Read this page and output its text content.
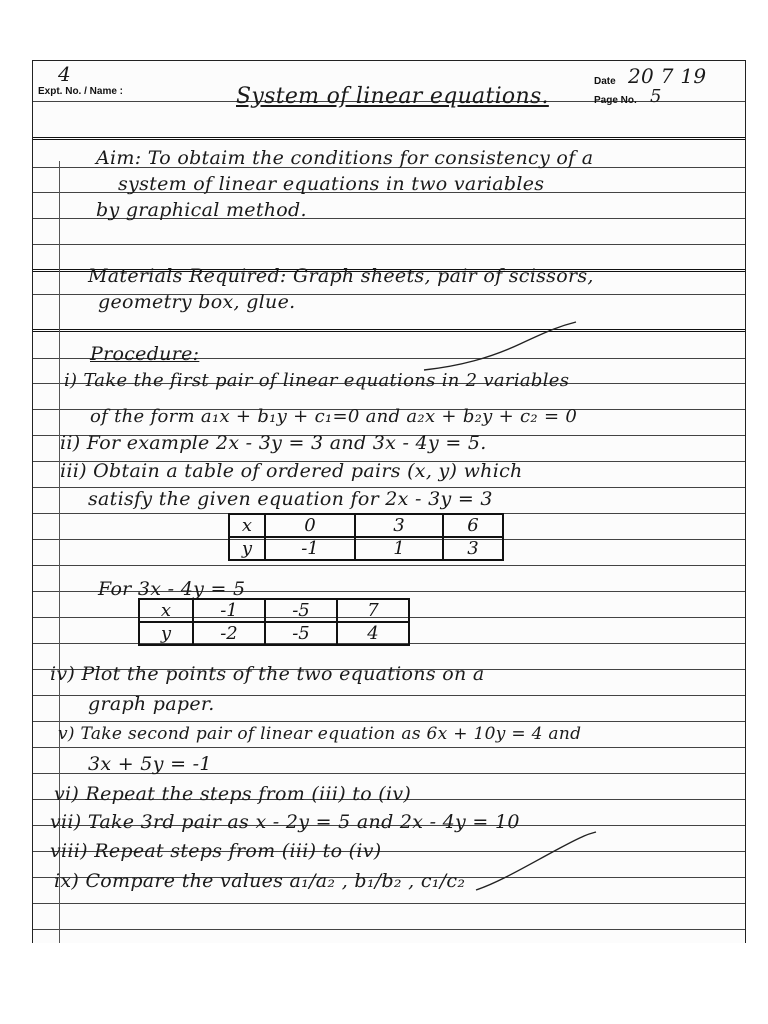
Expt. No. / Name :
4
System of linear equations.
Date 20 7 19
Page No. 5
Aim: To obtaim the conditions for consistency of a
system of linear equations in two variables
by graphical method.
Materials Required: Graph sheets, pair of scissors,
geometry box, glue.
Procedure:
i) Take the first pair of linear equations in 2 variables
of the form a₁x + b₁y + c₁=0 and a₂x + b₂y + c₂ = 0
ii) For example 2x - 3y = 3 and 3x - 4y = 5.
iii) Obtain a table of ordered pairs (x, y) which
satisfy the given equation for 2x - 3y = 3
x	0	3	6
y	-1	1	3
For 3x - 4y = 5
x	-1	-5	7
y	-2	-5	4
iv) Plot the points of the two equations on a
graph paper.
v) Take second pair of linear equation as 6x + 10y = 4 and
3x + 5y = -1
vi) Repeat the steps from (iii) to (iv)
vii) Take 3rd pair as x - 2y = 5 and 2x - 4y = 10
viii) Repeat steps from (iii) to (iv)
ix) Compare the values a₁/a₂ , b₁/b₂ , c₁/c₂
